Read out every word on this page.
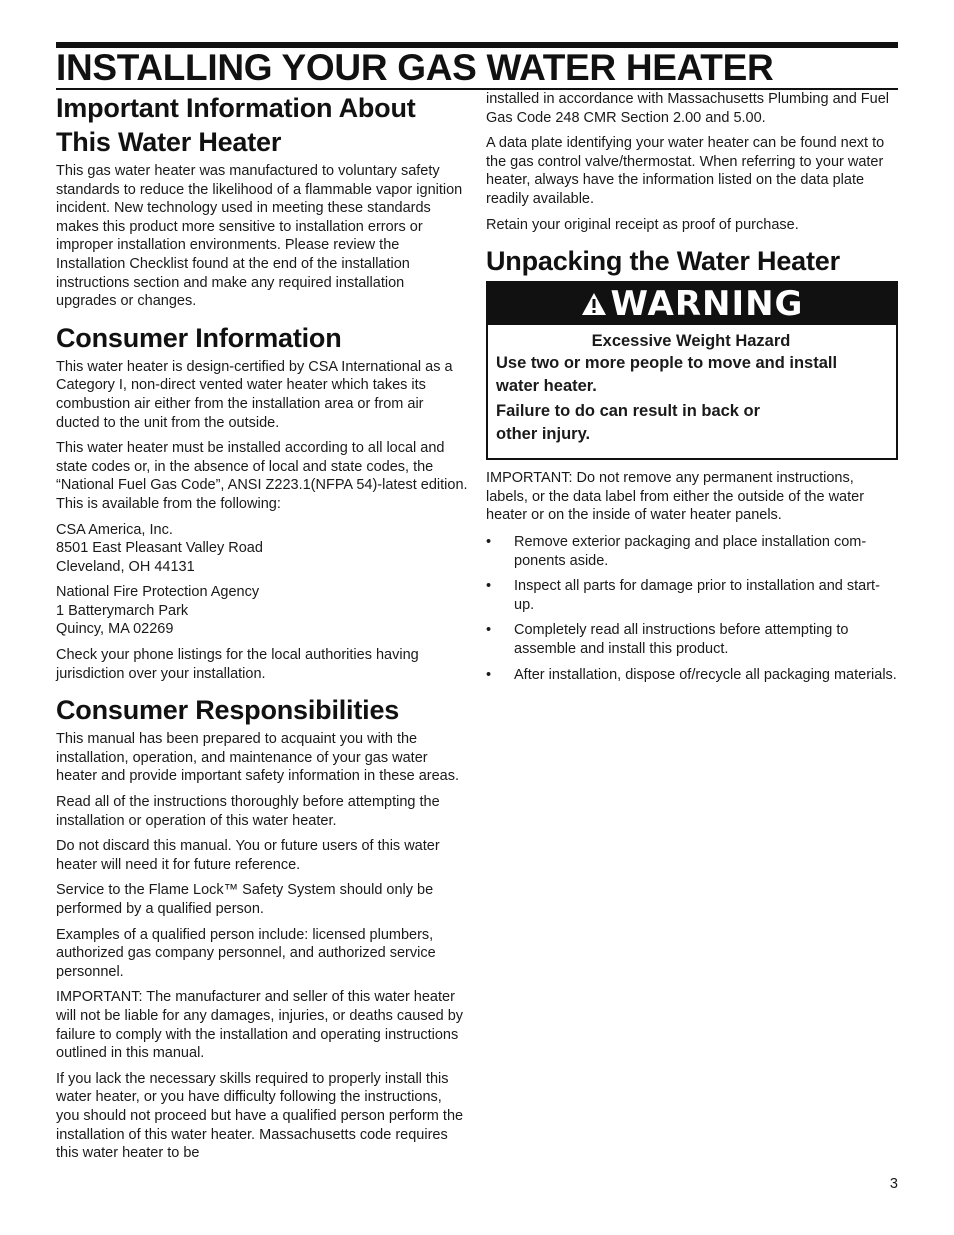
INSTALLING YOUR GAS WATER HEATER
Important Information About
This Water Heater

This gas water heater was manufactured to voluntary safety standards to reduce the likelihood of a flammable vapor ignition incident. New technology used in meeting these standards makes this product more sensitive to installation errors or improper installation environments. Please review the Installation Checklist found at the end of the installation instructions section and make any required installation upgrades or changes.

Consumer Information

This water heater is design-certified by CSA International as a Category I, non-direct vented water heater which takes its combustion air either from the installation area or from air ducted to the unit from the outside.

This water heater must be installed according to all local and state codes or, in the absence of local and state codes, the “National Fuel Gas Code”, ANSI Z223.1(NFPA 54)-latest edition. This is available from the following:

CSA America, Inc.
8501 East Pleasant Valley Road
Cleveland, OH 44131

National Fire Protection Agency
1 Batterymarch Park
Quincy, MA 02269

Check your phone listings for the local authorities having jurisdiction over your installation.

Consumer Responsibilities

This manual has been prepared to acquaint you with the installation, operation, and maintenance of your gas water heater and provide important safety information in these areas.

Read all of the instructions thoroughly before attempting the installation or operation of this water heater.

Do not discard this manual. You or future users of this water heater will need it for future reference.

Service to the Flame Lock™ Safety System should only be performed by a qualified person.

Examples of a qualified person include: licensed plumbers, authorized gas company personnel, and authorized service personnel.

IMPORTANT: The manufacturer and seller of this water heater will not be liable for any damages, injuries, or deaths caused by failure to comply with the installation and operating instructions outlined in this manual.

If you lack the necessary skills required to properly install this water heater, or you have difficulty following the instructions, you should not proceed but have a qualified person perform the installation of this water heater. Massachusetts code requires this water heater to be

installed in accordance with Massachusetts Plumbing and Fuel Gas Code 248 CMR Section 2.00 and 5.00.

A data plate identifying your water heater can be found next to the gas control valve/thermostat. When referring to your water heater, always have the information listed on the data plate readily available.

Retain your original receipt as proof of purchase.

Unpacking the Water Heater
WARNING
Excessive Weight Hazard
Use two or more people to move and install
water heater.
Failure to do can result in back or
other injury.

IMPORTANT: Do not remove any permanent instructions, labels, or the data label from either the outside of the water heater or on the inside of water heater panels.

• Remove exterior packaging and place installation com-ponents aside.
• Inspect all parts for damage prior to installation and start-up.
• Completely read all instructions before attempting to assemble and install this product.
• After installation, dispose of/recycle all packaging materials.
3
